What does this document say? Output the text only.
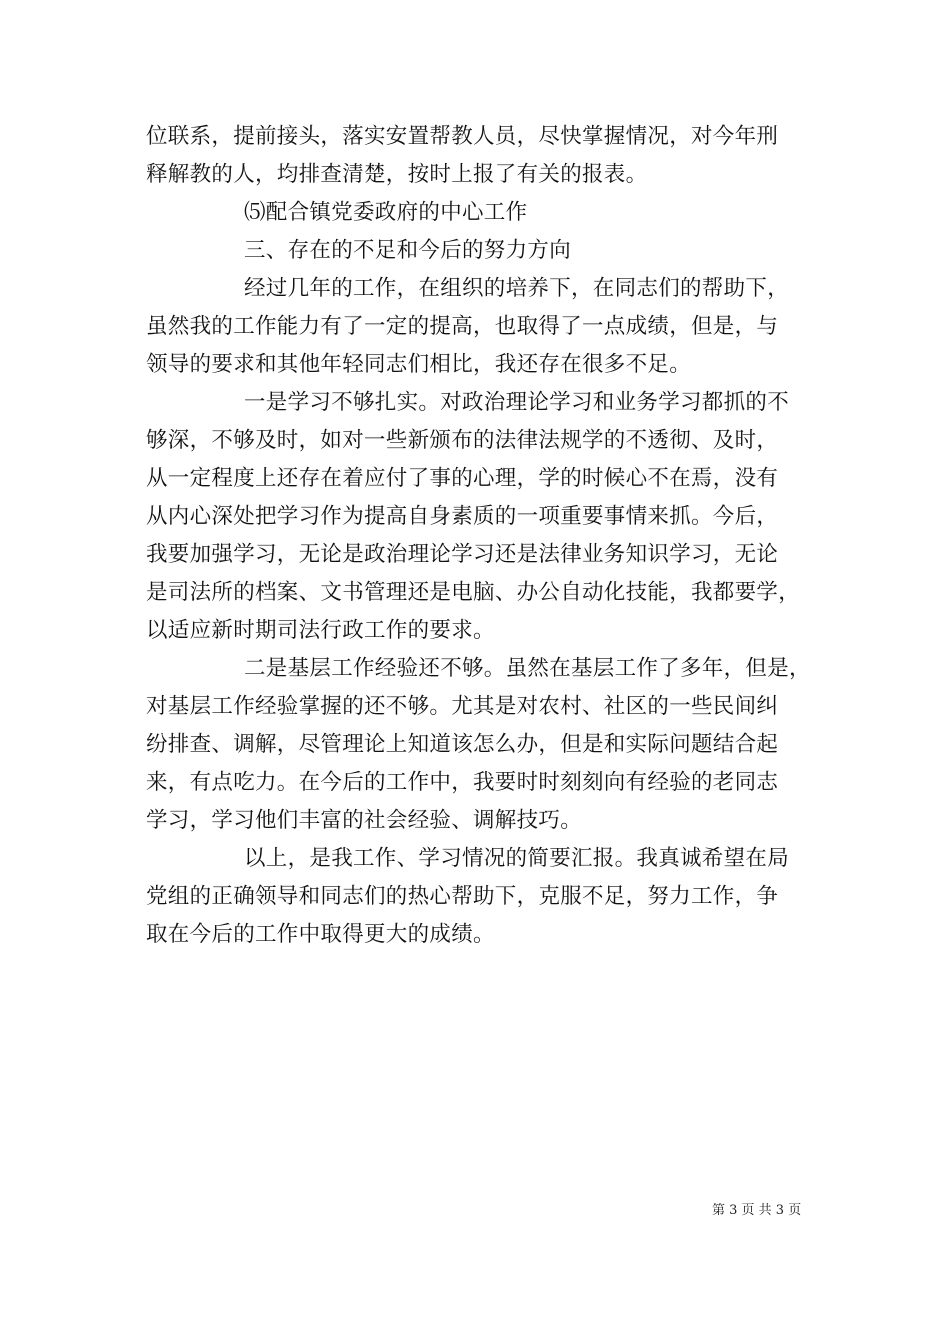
位联系，提前接头，落实安置帮教人员，尽快掌握情况，对今年刑
释解教的人，均排查清楚，按时上报了有关的报表。
⑸配合镇党委政府的中心工作
三、存在的不足和今后的努力方向
经过几年的工作，在组织的培养下，在同志们的帮助下，
虽然我的工作能力有了一定的提高，也取得了一点成绩，但是，与
领导的要求和其他年轻同志们相比，我还存在很多不足。
一是学习不够扎实。对政治理论学习和业务学习都抓的不
够深，不够及时，如对一些新颁布的法律法规学的不透彻、及时，
从一定程度上还存在着应付了事的心理，学的时候心不在焉，没有
从内心深处把学习作为提高自身素质的一项重要事情来抓。今后，
我要加强学习，无论是政治理论学习还是法律业务知识学习，无论
是司法所的档案、文书管理还是电脑、办公自动化技能，我都要学，
以适应新时期司法行政工作的要求。
二是基层工作经验还不够。虽然在基层工作了多年，但是，
对基层工作经验掌握的还不够。尤其是对农村、社区的一些民间纠
纷排查、调解，尽管理论上知道该怎么办，但是和实际问题结合起
来，有点吃力。在今后的工作中，我要时时刻刻向有经验的老同志
学习，学习他们丰富的社会经验、调解技巧。
以上，是我工作、学习情况的简要汇报。我真诚希望在局
党组的正确领导和同志们的热心帮助下，克服不足，努力工作，争
取在今后的工作中取得更大的成绩。
第 3 页 共 3 页
